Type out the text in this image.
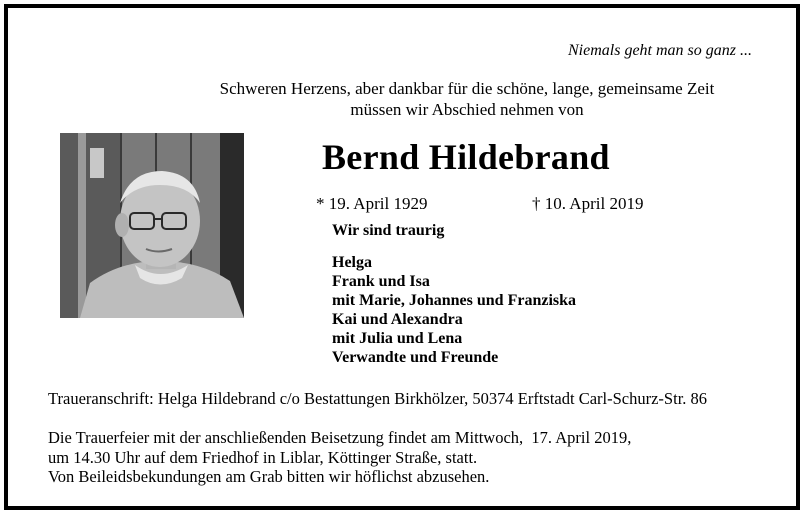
Niemals geht man so ganz ...
Schweren Herzens, aber dankbar für die schöne, lange, gemeinsame Zeit
müssen wir Abschied nehmen von
Bernd Hildebrand
* 19. April 1929	† 10. April 2019
Wir sind traurig
Helga
Frank und Isa
mit Marie, Johannes und Franziska
Kai und Alexandra
mit Julia und Lena
Verwandte und Freunde
Traueranschrift: Helga Hildebrand c/o Bestattungen Birkhölzer, 50374 Erftstadt Carl-Schurz-Str. 86
Die Trauerfeier mit der anschließenden Beisetzung findet am Mittwoch,  17. April 2019,
um 14.30 Uhr auf dem Friedhof in Liblar, Köttinger Straße, statt.
Von Beileidsbekundungen am Grab bitten wir höflichst abzusehen.
